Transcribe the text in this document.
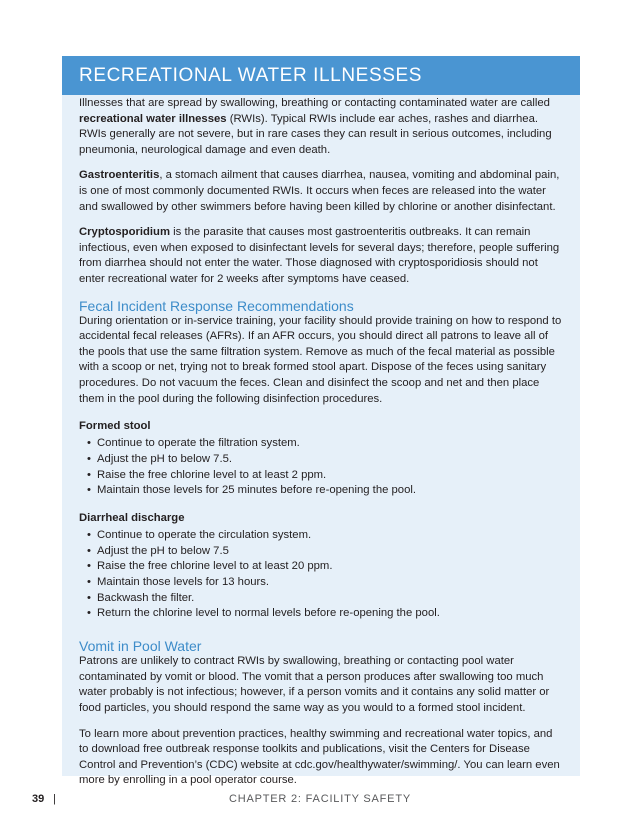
RECREATIONAL WATER ILLNESSES

Illnesses that are spread by swallowing, breathing or contacting contaminated water are called recreational water illnesses (RWIs). Typical RWIs include ear aches, rashes and diarrhea. RWIs generally are not severe, but in rare cases they can result in serious outcomes, including pneumonia, neurological damage and even death.

Gastroenteritis, a stomach ailment that causes diarrhea, nausea, vomiting and abdominal pain, is one of most commonly documented RWIs. It occurs when feces are released into the water and swallowed by other swimmers before having been killed by chlorine or another disinfectant.

Cryptosporidium is the parasite that causes most gastroenteritis outbreaks. It can remain infectious, even when exposed to disinfectant levels for several days; therefore, people suffering from diarrhea should not enter the water. Those diagnosed with cryptosporidiosis should not enter recreational water for 2 weeks after symptoms have ceased.

Fecal Incident Response Recommendations

During orientation or in-service training, your facility should provide training on how to respond to accidental fecal releases (AFRs). If an AFR occurs, you should direct all patrons to leave all of the pools that use the same filtration system. Remove as much of the fecal material as possible with a scoop or net, trying not to break formed stool apart. Dispose of the feces using sanitary procedures. Do not vacuum the feces. Clean and disinfect the scoop and net and then place them in the pool during the following disinfection procedures.

Formed stool
• Continue to operate the filtration system.
• Adjust the pH to below 7.5.
• Raise the free chlorine level to at least 2 ppm.
• Maintain those levels for 25 minutes before re-opening the pool.
Diarrheal discharge
• Continue to operate the circulation system.
• Adjust the pH to below 7.5
• Raise the free chlorine level to at least 20 ppm.
• Maintain those levels for 13 hours.
• Backwash the filter.
• Return the chlorine level to normal levels before re-opening the pool.
Vomit in Pool Water

Patrons are unlikely to contract RWIs by swallowing, breathing or contacting pool water contaminated by vomit or blood. The vomit that a person produces after swallowing too much water probably is not infectious; however, if a person vomits and it contains any solid matter or food particles, you should respond the same way as you would to a formed stool incident.

To learn more about prevention practices, healthy swimming and recreational water topics, and to download free outbreak response toolkits and publications, visit the Centers for Disease Control and Prevention’s (CDC) website at cdc.gov/healthywater/swimming/. You can learn even more by enrolling in a pool operator course.

39 |	CHAPTER 2: FACILITY SAFETY
